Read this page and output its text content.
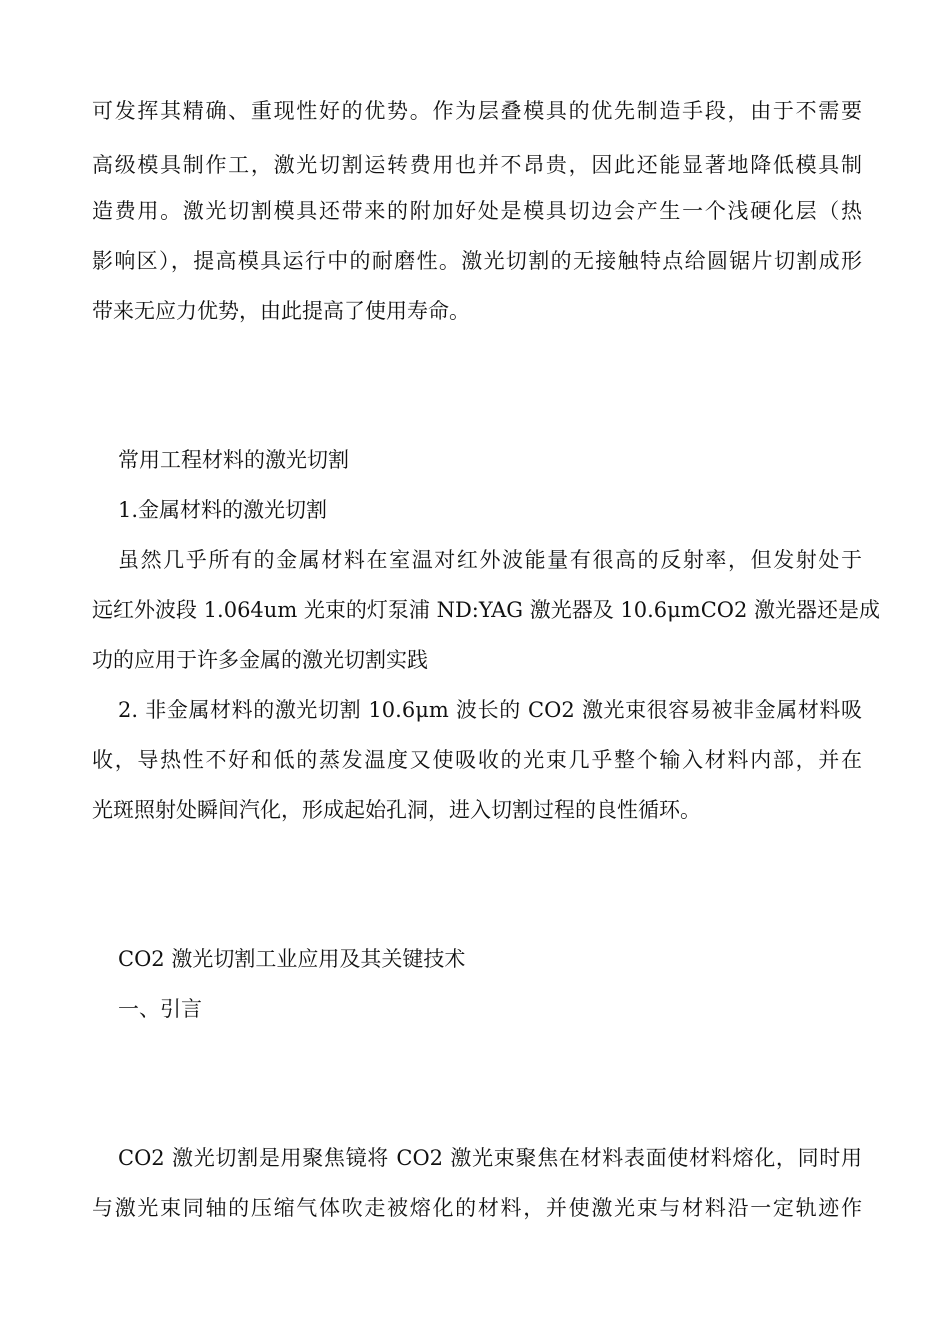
可发挥其精确、重现性好的优势。作为层叠模具的优先制造手段，由于不需要
高级模具制作工，激光切割运转费用也并不昂贵，因此还能显著地降低模具制
造费用。激光切割模具还带来的附加好处是模具切边会产生一个浅硬化层（热
影响区），提高模具运行中的耐磨性。激光切割的无接触特点给圆锯片切割成形
带来无应力优势，由此提高了使用寿命。
常用工程材料的激光切割
1.金属材料的激光切割
虽然几乎所有的金属材料在室温对红外波能量有很高的反射率，但发射处于
远红外波段 1.064um 光束的灯泵浦 ND:YAG 激光器及 10.6μmCO2 激光器还是成
功的应用于许多金属的激光切割实践
2. 非金属材料的激光切割 10.6μm 波长的 CO2 激光束很容易被非金属材料吸
收，导热性不好和低的蒸发温度又使吸收的光束几乎整个输入材料内部，并在
光斑照射处瞬间汽化，形成起始孔洞，进入切割过程的良性循环。
CO2 激光切割工业应用及其关键技术
一、引言
CO2 激光切割是用聚焦镜将 CO2 激光束聚焦在材料表面使材料熔化，同时用
与激光束同轴的压缩气体吹走被熔化的材料，并使激光束与材料沿一定轨迹作
